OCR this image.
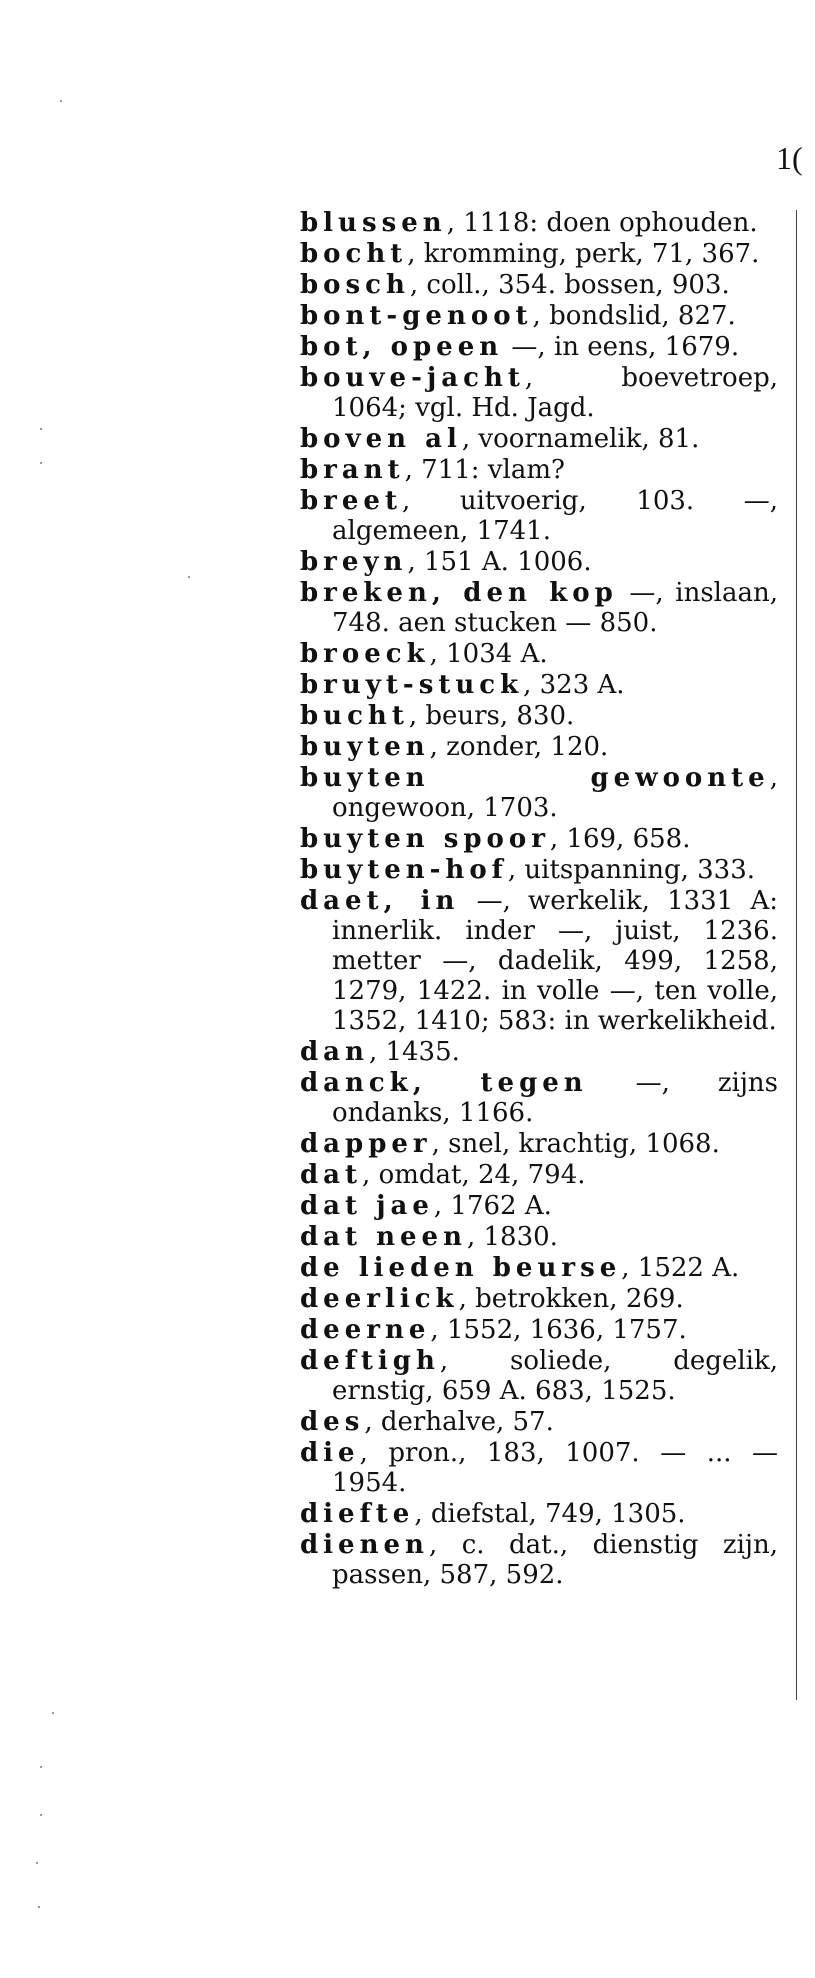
1(

blussen, 1118: doen ophouden.

bocht, kromming, perk, 71, 367.

bosch, coll., 354. bossen, 903.

bont-genoot, bondslid, 827.

bot, opeen —, in eens, 1679.

bouve-jacht, boevetroep, 1064; vgl. Hd. Jagd.

boven al, voornamelik, 81.

brant, 711: vlam?

breet, uitvoerig, 103. —, algemeen, 1741.

breyn, 151 A. 1006.

breken, den kop —, inslaan, 748. aen stucken — 850.

broeck, 1034 A.

bruyt-stuck, 323 A.

bucht, beurs, 830.

buyten, zonder, 120.

buyten gewoonte, ongewoon, 1703.

buyten spoor, 169, 658.

buyten-hof, uitspanning, 333.

daet, in —, werkelik, 1331 A: innerlik. inder —, juist, 1236. metter —, dadelik, 499, 1258, 1279, 1422. in volle —, ten volle, 1352, 1410; 583: in werkelikheid.

dan, 1435.

danck, tegen —, zijns ondanks, 1166.

dapper, snel, krachtig, 1068.

dat, omdat, 24, 794.

dat jae, 1762 A.

dat neen, 1830.

de lieden beurse, 1522 A.

deerlick, betrokken, 269.

deerne, 1552, 1636, 1757.

deftigh, soliede, degelik, ernstig, 659 A. 683, 1525.

des, derhalve, 57.

die, pron., 183, 1007. — ... — 1954.

diefte, diefstal, 749, 1305.

dienen, c. dat., dienstig zijn, passen, 587, 592.
